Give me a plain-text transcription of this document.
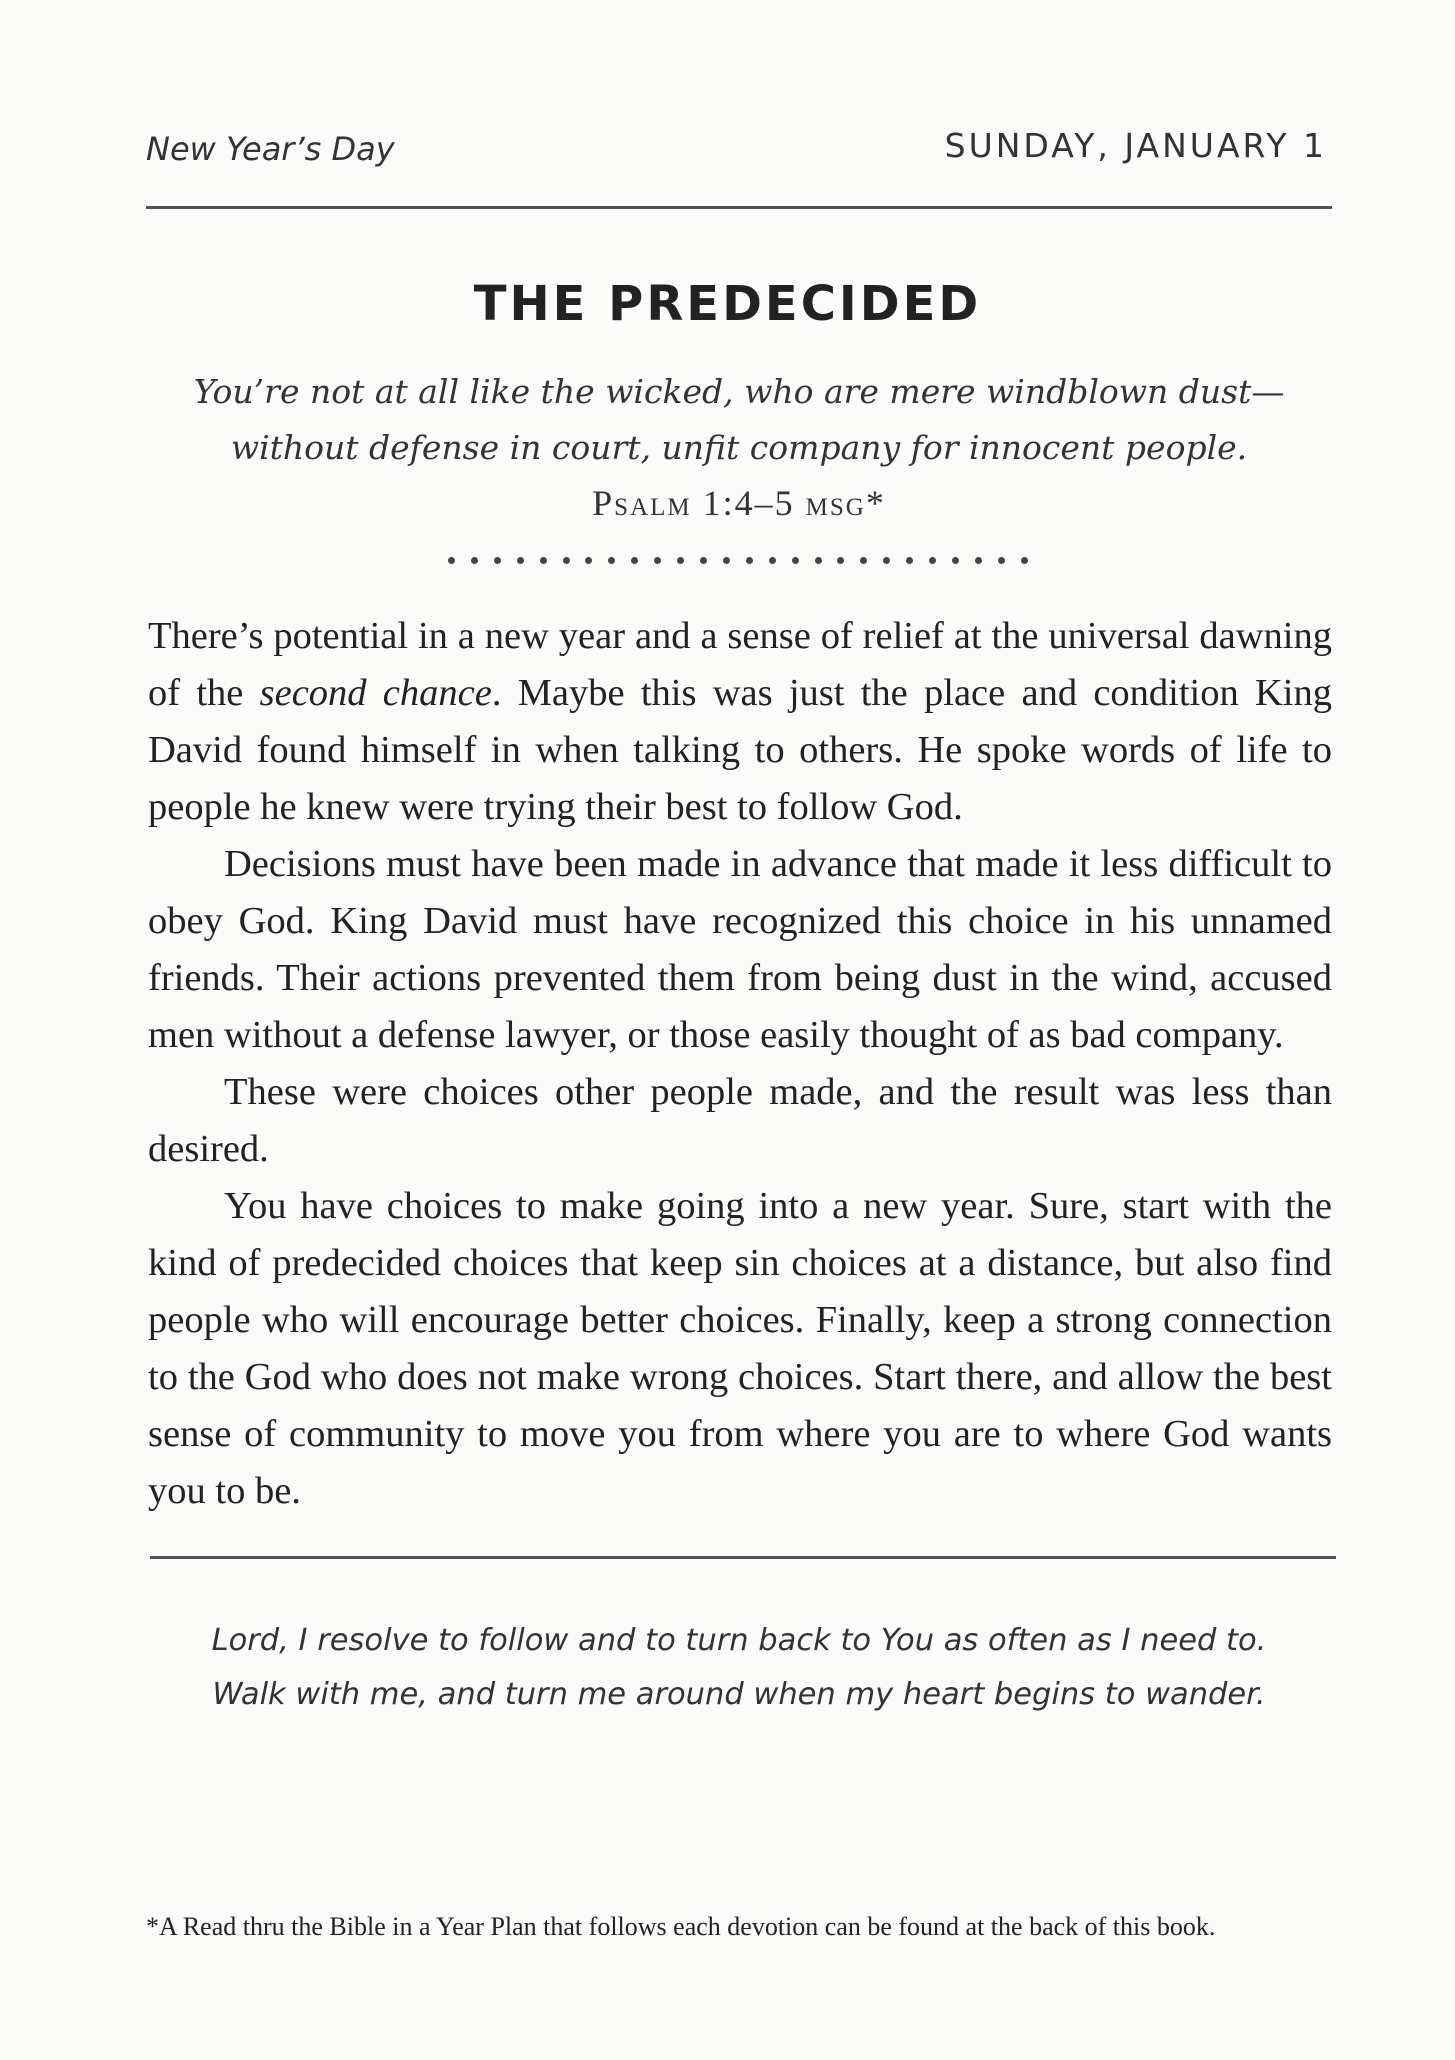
New Year’s Day	SUNDAY, JANUARY 1
THE PREDECIDED
You’re not at all like the wicked, who are mere windblown dust—
without defense in court, unfit company for innocent people.
Psalm 1:4–5 msg*

There’s potential in a new year and a sense of relief at the universal dawning of the second chance. Maybe this was just the place and condition King David found himself in when talking to others. He spoke words of life to people he knew were trying their best to follow God.

Decisions must have been made in advance that made it less difficult to obey God. King David must have recognized this choice in his unnamed friends. Their actions prevented them from being dust in the wind, accused men without a defense lawyer, or those easily thought of as bad company.

These were choices other people made, and the result was less than desired.

You have choices to make going into a new year. Sure, start with the kind of predecided choices that keep sin choices at a distance, but also find people who will encourage better choices. Finally, keep a strong connection to the God who does not make wrong choices. Start there, and allow the best sense of community to move you from where you are to where God wants you to be.

Lord, I resolve to follow and to turn back to You as often as I need to.
Walk with me, and turn me around when my heart begins to wander.
*A Read thru the Bible in a Year Plan that follows each devotion can be found at the back of this book.
